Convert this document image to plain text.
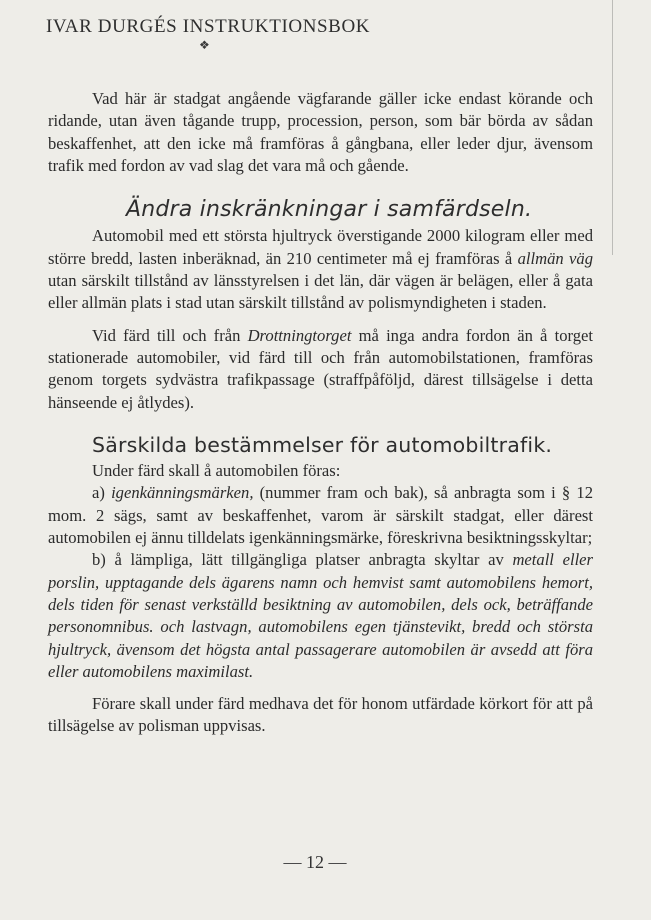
IVAR DURGÉS INSTRUKTIONSBOK
❖

Vad här är stadgat angående vägfarande gäller icke endast körande och ridande, utan även tågande trupp, procession, person, som bär börda av sådan beskaffenhet, att den icke må framföras å gångbana, eller leder djur, ävensom trafik med fordon av vad slag det vara må och gående.

Ändra inskränkningar i samfärdseln.

Automobil med ett största hjultryck överstigande 2000 kilogram eller med större bredd, lasten inberäknad, än 210 centimeter må ej framföras å allmän väg utan särskilt tillstånd av länsstyrelsen i det län, där vägen är belägen, eller å gata eller allmän plats i stad utan särskilt tillstånd av polismyndigheten i staden.

Vid färd till och från Drottningtorget må inga andra fordon än å torget stationerade automobiler, vid färd till och från automobilstationen, framföras genom torgets sydvästra trafikpassage (straffpåföljd, därest tillsägelse i detta hänseende ej åtlydes).

Särskilda bestämmelser för automobiltrafik.

Under färd skall å automobilen föras:

a) igenkänningsmärken, (nummer fram och bak), så anbragta som i § 12 mom. 2 sägs, samt av beskaffenhet, varom är särskilt stadgat, eller därest automobilen ej ännu tilldelats igenkänningsmärke, föreskrivna besiktningsskyltar;

b) å lämpliga, lätt tillgängliga platser anbragta skyltar av metall eller porslin, upptagande dels ägarens namn och hemvist samt automobilens hemort, dels tiden för senast verkställd besiktning av automobilen, dels ock, beträffande personomnibus. och lastvagn, automobilens egen tjänstevikt, bredd och största hjultryck, ävensom det högsta antal passagerare automobilen är avsedd att föra eller automobilens maximilast.

Förare skall under färd medhava det för honom utfärdade körkort för att på tillsägelse av polisman uppvisas.

— 12 —
